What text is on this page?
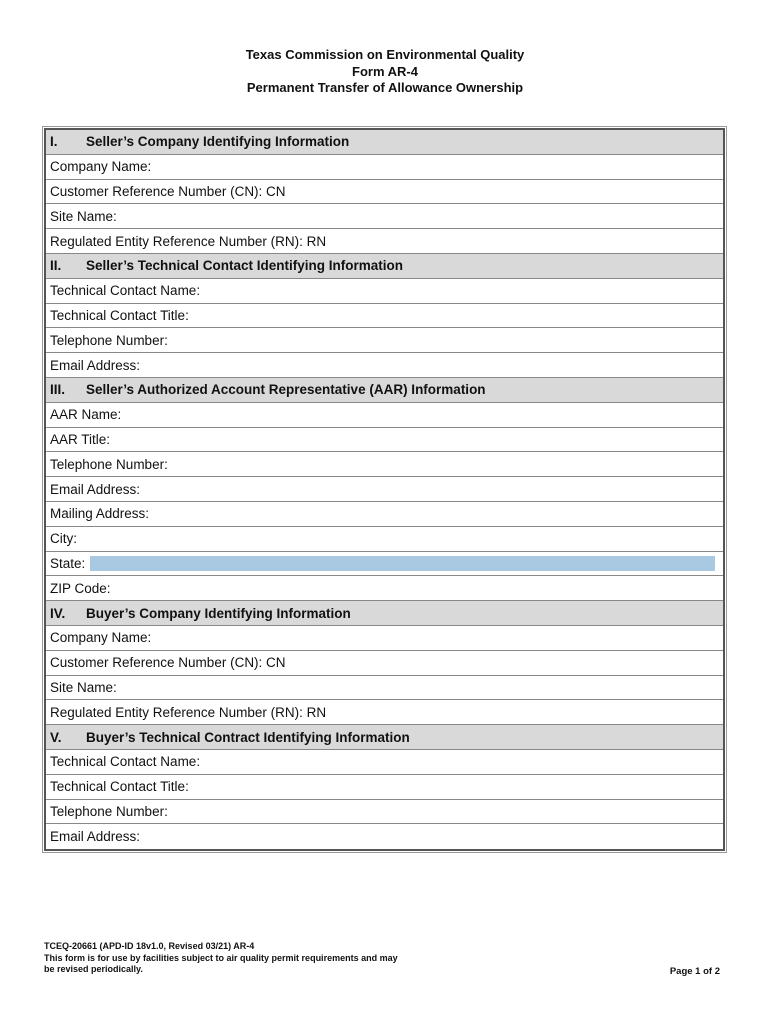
Texas Commission on Environmental Quality
Form AR-4
Permanent Transfer of Allowance Ownership
I.	Seller’s Company Identifying Information
Company Name:
Customer Reference Number (CN): CN
Site Name:
Regulated Entity Reference Number (RN): RN
II.	Seller’s Technical Contact Identifying Information
Technical Contact Name:
Technical Contact Title:
Telephone Number:
Email Address:
III.	Seller’s Authorized Account Representative (AAR) Information
AAR Name:
AAR Title:
Telephone Number:
Email Address:
Mailing Address:
City:
State:
ZIP Code:
IV.	Buyer’s Company Identifying Information
Company Name:
Customer Reference Number (CN): CN
Site Name:
Regulated Entity Reference Number (RN): RN
V.	Buyer’s Technical Contract Identifying Information
Technical Contact Name:
Technical Contact Title:
Telephone Number:
Email Address:
TCEQ-20661 (APD-ID 18v1.0, Revised 03/21) AR-4
This form is for use by facilities subject to air quality permit requirements and may
be revised periodically.	Page 1 of 2
